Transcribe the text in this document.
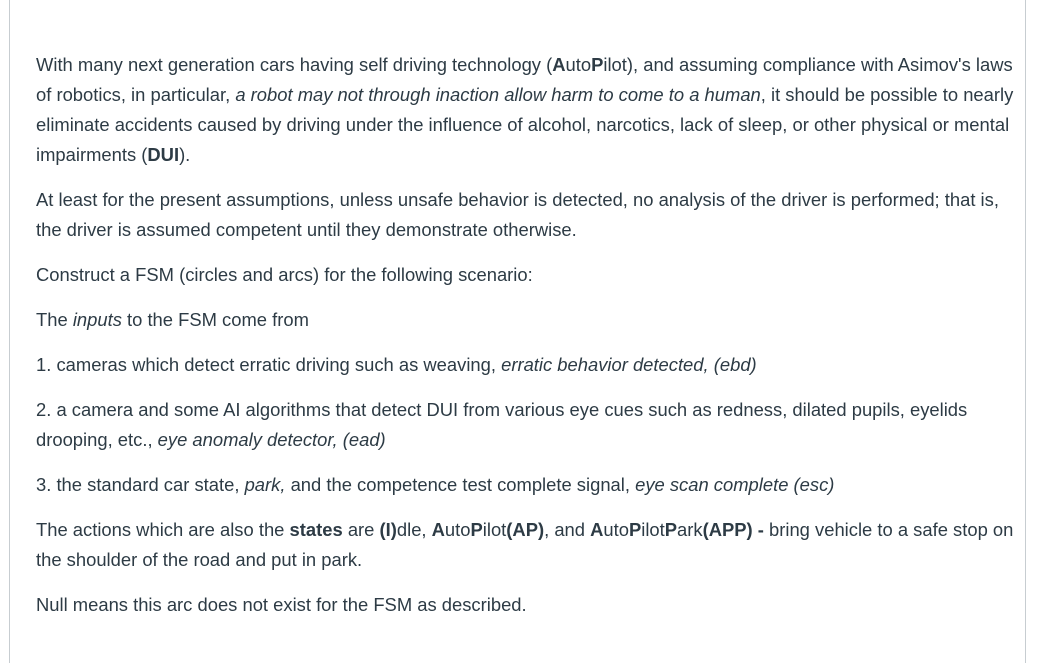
With many next generation cars having self driving technology (AutoPilot), and assuming compliance with Asimov's laws of robotics, in particular, a robot may not through inaction allow harm to come to a human, it should be possible to nearly eliminate accidents caused by driving under the influence of alcohol, narcotics, lack of sleep, or other physical or mental impairments (DUI).

At least for the present assumptions, unless unsafe behavior is detected, no analysis of the driver is performed; that is, the driver is assumed competent until they demonstrate otherwise.

Construct a FSM (circles and arcs) for the following scenario:

The inputs to the FSM come from

1. cameras which detect erratic driving such as weaving, erratic behavior detected, (ebd)

2. a camera and some AI algorithms that detect DUI from various eye cues such as redness, dilated pupils, eyelids drooping, etc., eye anomaly detector, (ead)

3. the standard car state, park, and the competence test complete signal, eye scan complete (esc)

The actions which are also the states are (I)dle, AutoPilot(AP), and AutoPilotPark(APP) - bring vehicle to a safe stop on the shoulder of the road and put in park.

Null means this arc does not exist for the FSM as described.
